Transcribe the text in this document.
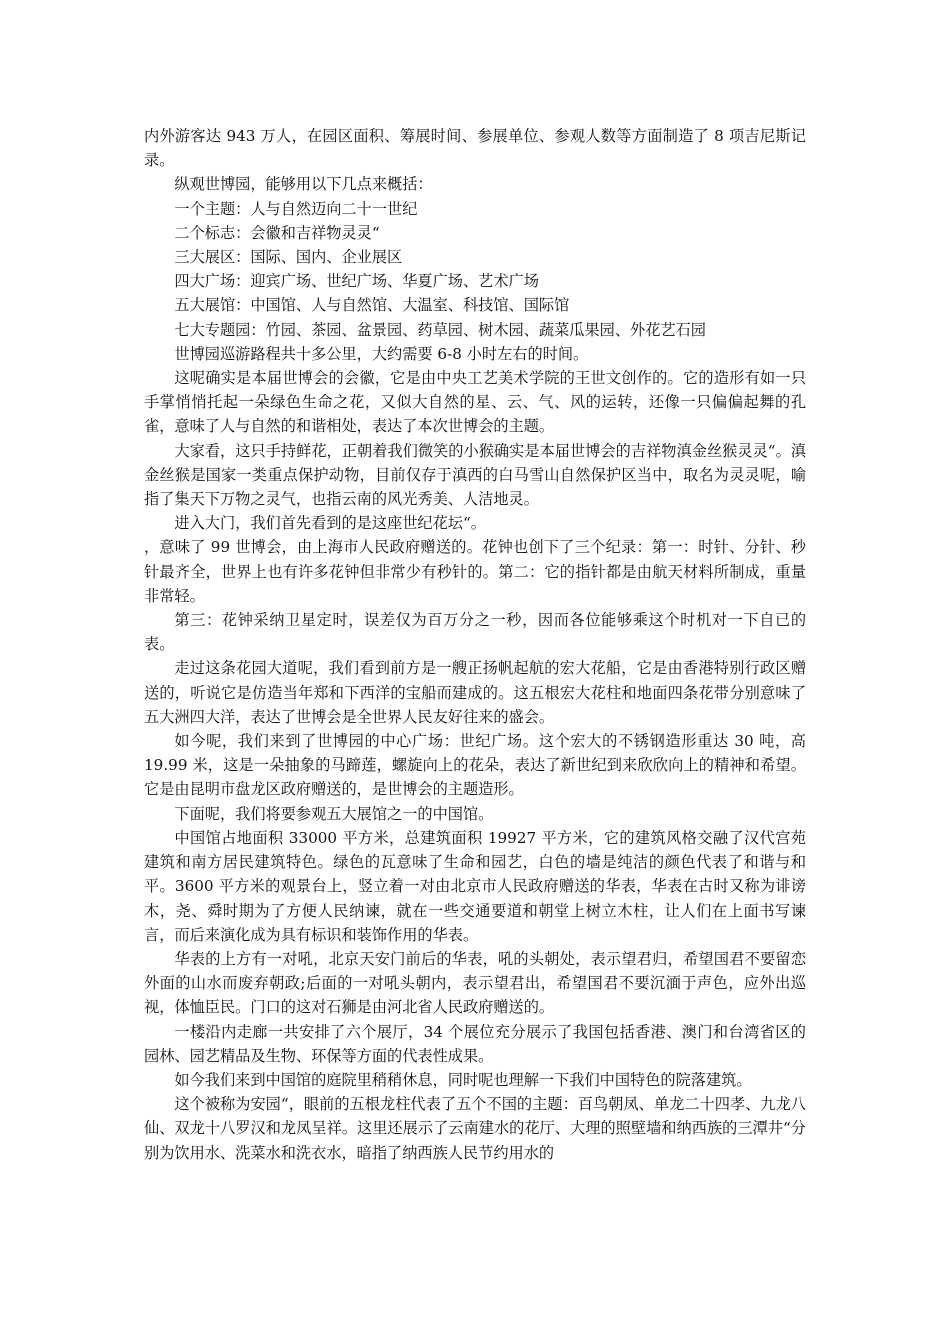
内外游客达 943 万人，在园区面积、筹展时间、参展单位、参观人数等方面制造了 8 项吉尼斯记录。

纵观世博园，能够用以下几点来概括：

一个主题：人与自然迈向二十一世纪

二个标志：会徽和吉祥物灵灵“

三大展区：国际、国内、企业展区

四大广场：迎宾广场、世纪广场、华夏广场、艺术广场

五大展馆：中国馆、人与自然馆、大温室、科技馆、国际馆

七大专题园：竹园、茶园、盆景园、药草园、树木园、蔬菜瓜果园、外花艺石园

世博园巡游路程共十多公里，大约需要 6-8 小时左右的时间。

这呢确实是本届世博会的会徽，它是由中央工艺美术学院的王世文创作的。它的造形有如一只手掌悄悄托起一朵绿色生命之花，又似大自然的星、云、气、风的运转，还像一只偏偏起舞的孔雀，意味了人与自然的和谐相处，表达了本次世博会的主题。

大家看，这只手持鲜花，正朝着我们微笑的小猴确实是本届世博会的吉祥物滇金丝猴灵灵“。滇金丝猴是国家一类重点保护动物，目前仅存于滇西的白马雪山自然保护区当中，取名为灵灵呢，喻指了集天下万物之灵气，也指云南的风光秀美、人洁地灵。

进入大门，我们首先看到的是这座世纪花坛“。

，意味了 99 世博会，由上海市人民政府赠送的。花钟也创下了三个纪录：第一：时针、分针、秒针最齐全，世界上也有许多花钟但非常少有秒针的。第二：它的指针都是由航天材料所制成，重量非常轻。

第三：花钟采纳卫星定时，误差仅为百万分之一秒，因而各位能够乘这个时机对一下自已的表。

走过这条花园大道呢，我们看到前方是一艘正扬帆起航的宏大花船，它是由香港特别行政区赠送的，听说它是仿造当年郑和下西洋的宝船而建成的。这五根宏大花柱和地面四条花带分别意味了五大洲四大洋，表达了世博会是全世界人民友好往来的盛会。

如今呢，我们来到了世博园的中心广场：世纪广场。这个宏大的不锈钢造形重达 30 吨，高 19.99 米，这是一朵抽象的马蹄莲，螺旋向上的花朵，表达了新世纪到来欣欣向上的精神和希望。它是由昆明市盘龙区政府赠送的，是世博会的主题造形。

下面呢，我们将要参观五大展馆之一的中国馆。

中国馆占地面积 33000 平方米，总建筑面积 19927 平方米，它的建筑风格交融了汉代宫苑建筑和南方居民建筑特色。绿色的瓦意味了生命和园艺，白色的墙是纯洁的颜色代表了和谐与和平。3600 平方米的观景台上，竖立着一对由北京市人民政府赠送的华表，华表在古时又称为诽谤木，尧、舜时期为了方便人民纳谏，就在一些交通要道和朝堂上树立木柱，让人们在上面书写谏言，而后来演化成为具有标识和装饰作用的华表。

华表的上方有一对吼，北京天安门前后的华表，吼的头朝处，表示望君归，希望国君不要留恋外面的山水而废弃朝政;后面的一对吼头朝内，表示望君出，希望国君不要沉湎于声色，应外出巡视，体恤臣民。门口的这对石狮是由河北省人民政府赠送的。

一楼沿内走廊一共安排了六个展厅，34 个展位充分展示了我国包括香港、澳门和台湾省区的园林、园艺精品及生物、环保等方面的代表性成果。

如今我们来到中国馆的庭院里稍稍休息，同时呢也理解一下我们中国特色的院落建筑。

这个被称为安园“，眼前的五根龙柱代表了五个不国的主题：百鸟朝凤、单龙二十四孝、九龙八仙、双龙十八罗汉和龙凤呈祥。这里还展示了云南建水的花厅、大理的照壁墙和纳西族的三潭井“分别为饮用水、洗菜水和洗衣水，暗指了纳西族人民节约用水的
